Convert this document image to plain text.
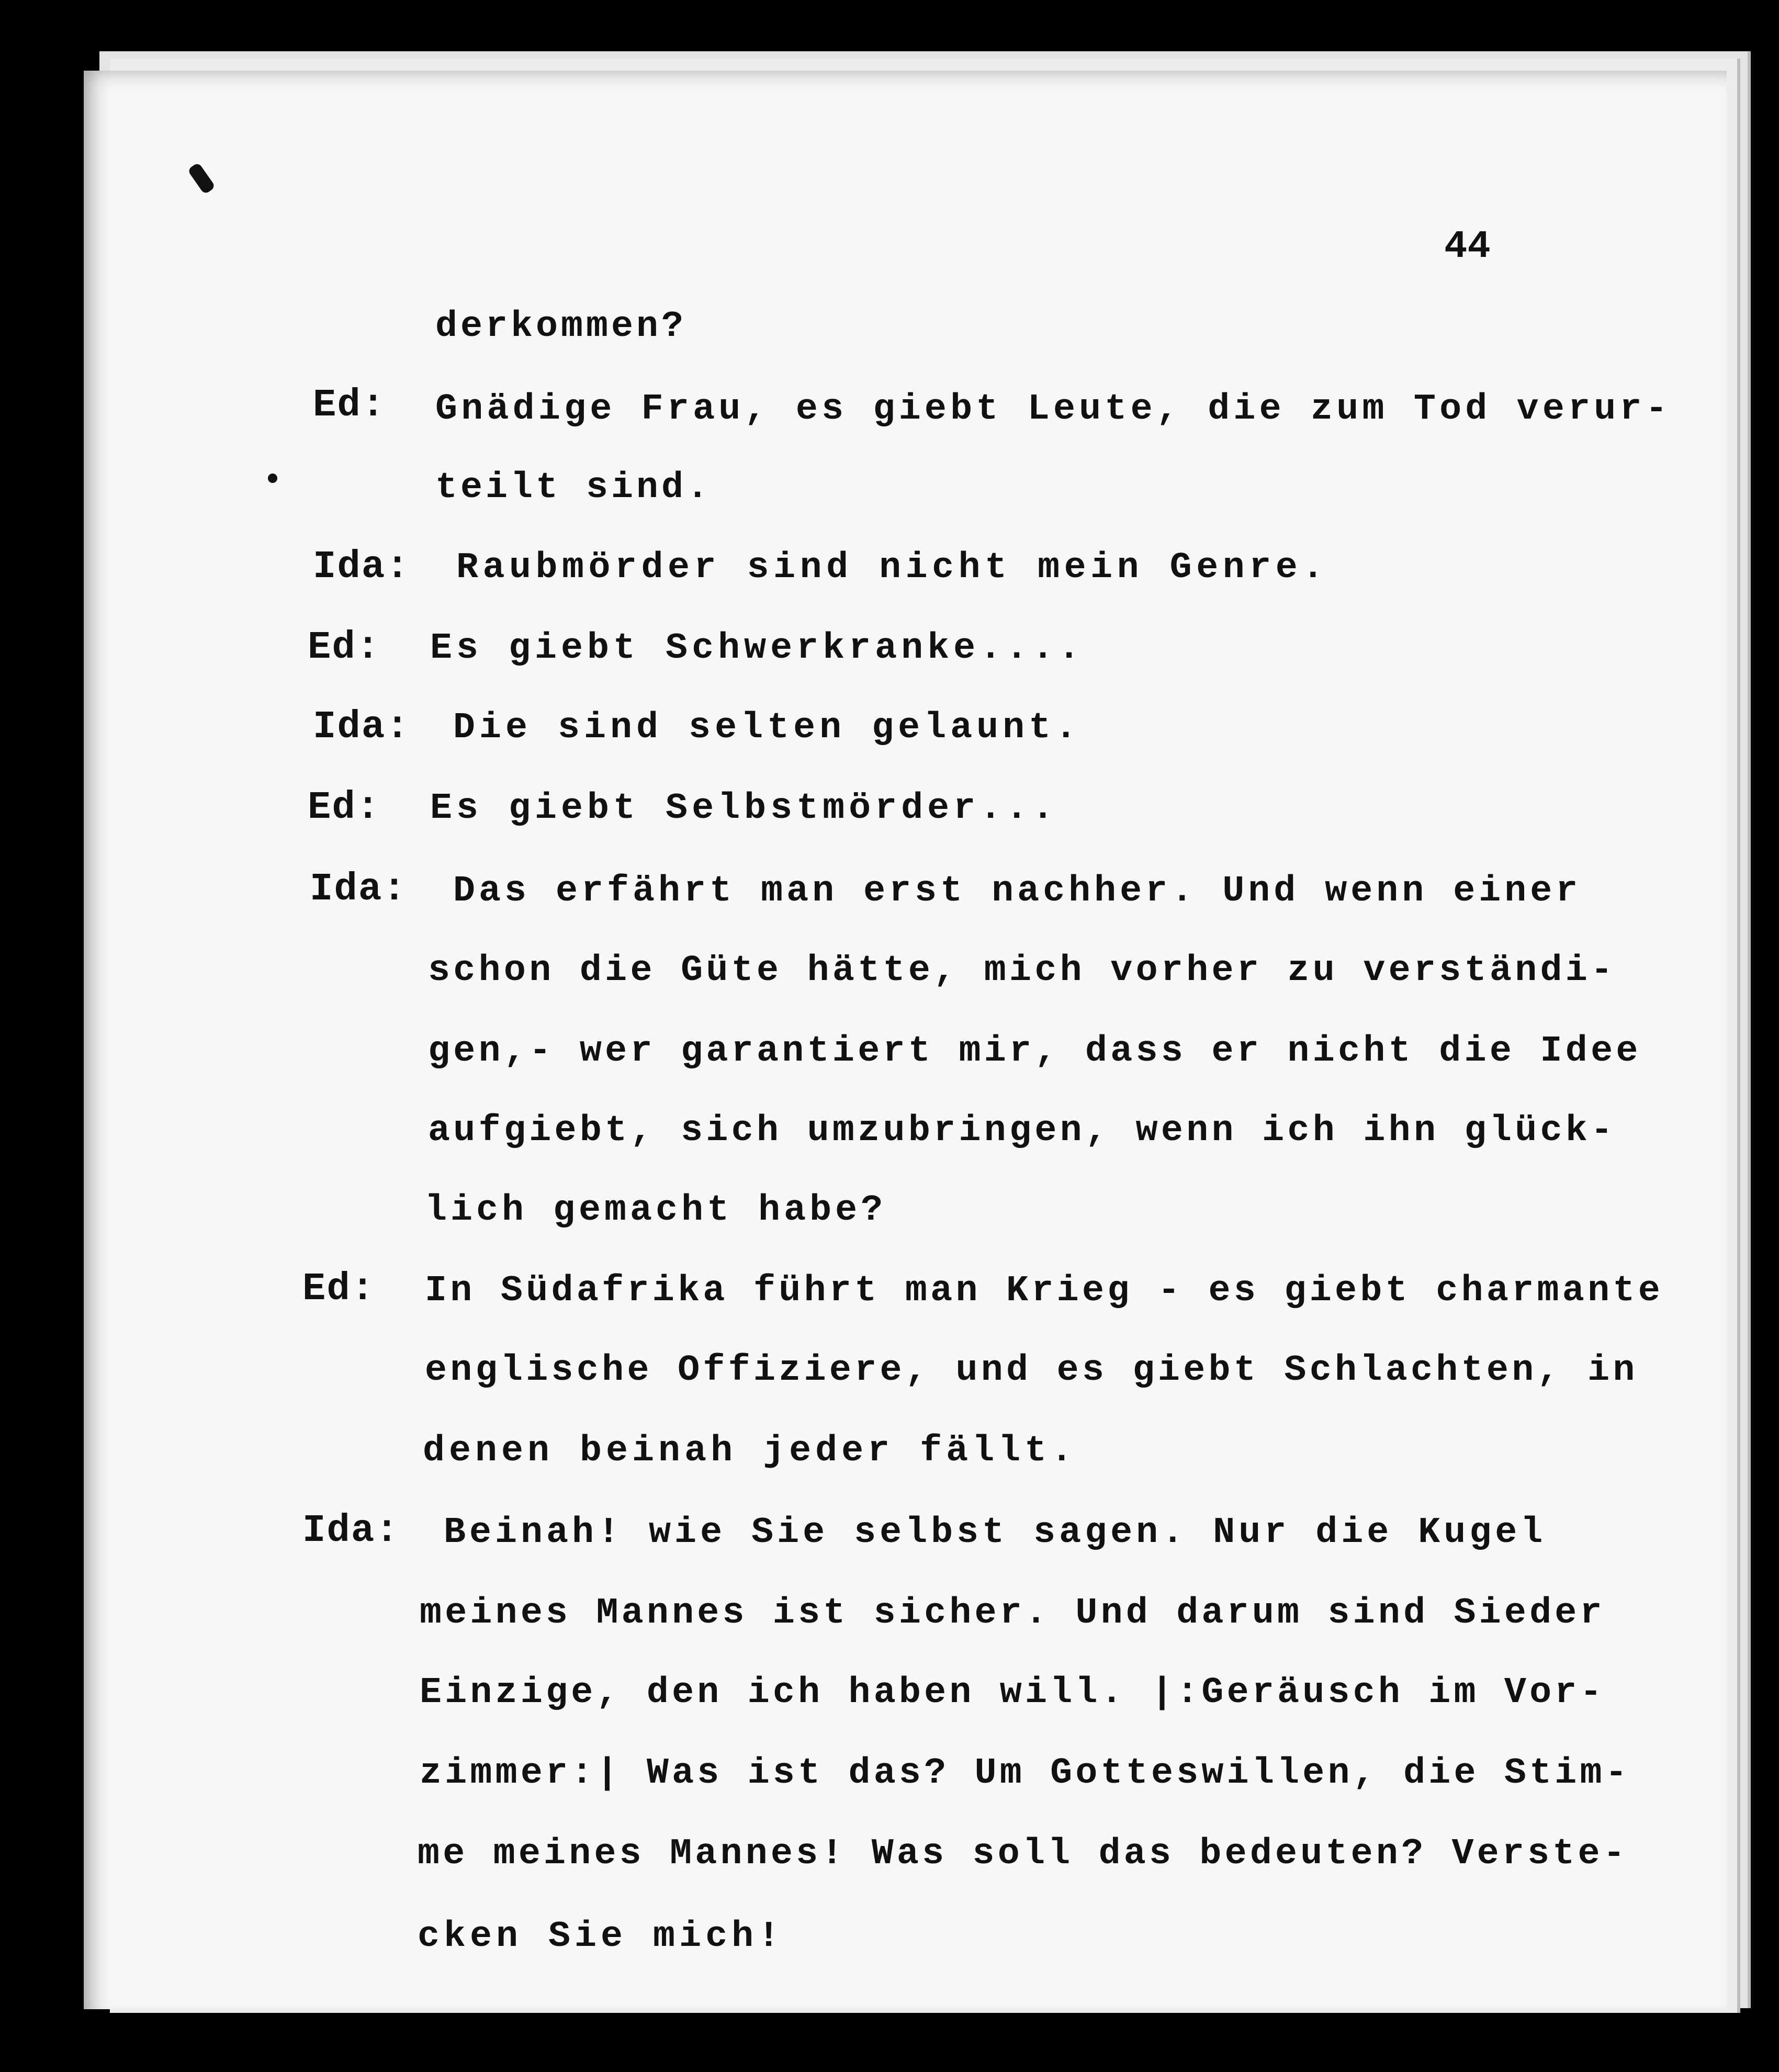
44
derkommen?
Ed: Gnädige Frau, es giebt Leute, die zum Tod verur-
teilt sind.
Ida: Raubmörder sind nicht mein Genre.
Ed: Es giebt Schwerkranke....
Ida: Die sind selten gelaunt.
Ed: Es giebt Selbstmörder...
Ida: Das erfährt man erst nachher. Und wenn einer
schon die Güte hätte, mich vorher zu verständi-
gen,- wer garantiert mir, dass er nicht die Idee
aufgiebt, sich umzubringen, wenn ich ihn glück-
lich gemacht habe?
Ed: In Südafrika führt man Krieg - es giebt charmante
englische Offiziere, und es giebt Schlachten, in
denen beinah jeder fällt.
Ida: Beinah! wie Sie selbst sagen. Nur die Kugel
meines Mannes ist sicher. Und darum sind Sieder
Einzige, den ich haben will. |:Geräusch im Vor-
zimmer:| Was ist das? Um Gotteswillen, die Stim-
me meines Mannes! Was soll das bedeuten? Verste-
cken Sie mich!
